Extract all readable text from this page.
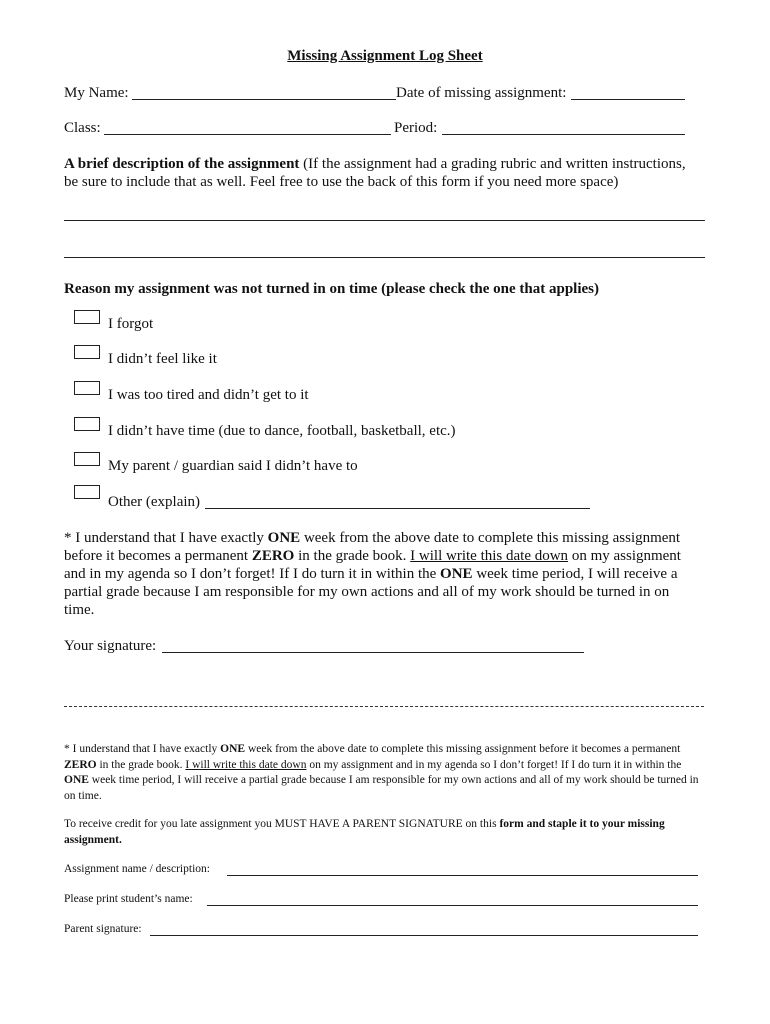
Missing Assignment Log Sheet
My Name:	Date of missing assignment:
Class:	Period:
A brief description of the assignment (If the assignment had a grading rubric and written instructions,
be sure to include that as well. Feel free to use the back of this form if you need more space)
Reason my assignment was not turned in on time (please check the one that applies)
I forgot
I didn’t feel like it
I was too tired and didn’t get to it
I didn’t have time (due to dance, football, basketball, etc.)
My parent / guardian said I didn’t have to
Other (explain)
* I understand that I have exactly ONE week from the above date to complete this missing assignment before it becomes a permanent ZERO in the grade book. I will write this date down on my assignment and in my agenda so I don’t forget! If I do turn it in within the ONE week time period, I will receive a partial grade because I am responsible for my own actions and all of my work should be turned in on time.
Your signature:
* I understand that I have exactly ONE week from the above date to complete this missing assignment before it becomes a permanent ZERO in the grade book. I will write this date down on my assignment and in my agenda so I don’t forget! If I do turn it in within the ONE week time period, I will receive a partial grade because I am responsible for my own actions and all of my work should be turned in on time.
To receive credit for you late assignment you MUST HAVE A PARENT SIGNATURE on this form and staple it to your missing assignment.
Assignment name / description:
Please print student’s name:
Parent signature:
